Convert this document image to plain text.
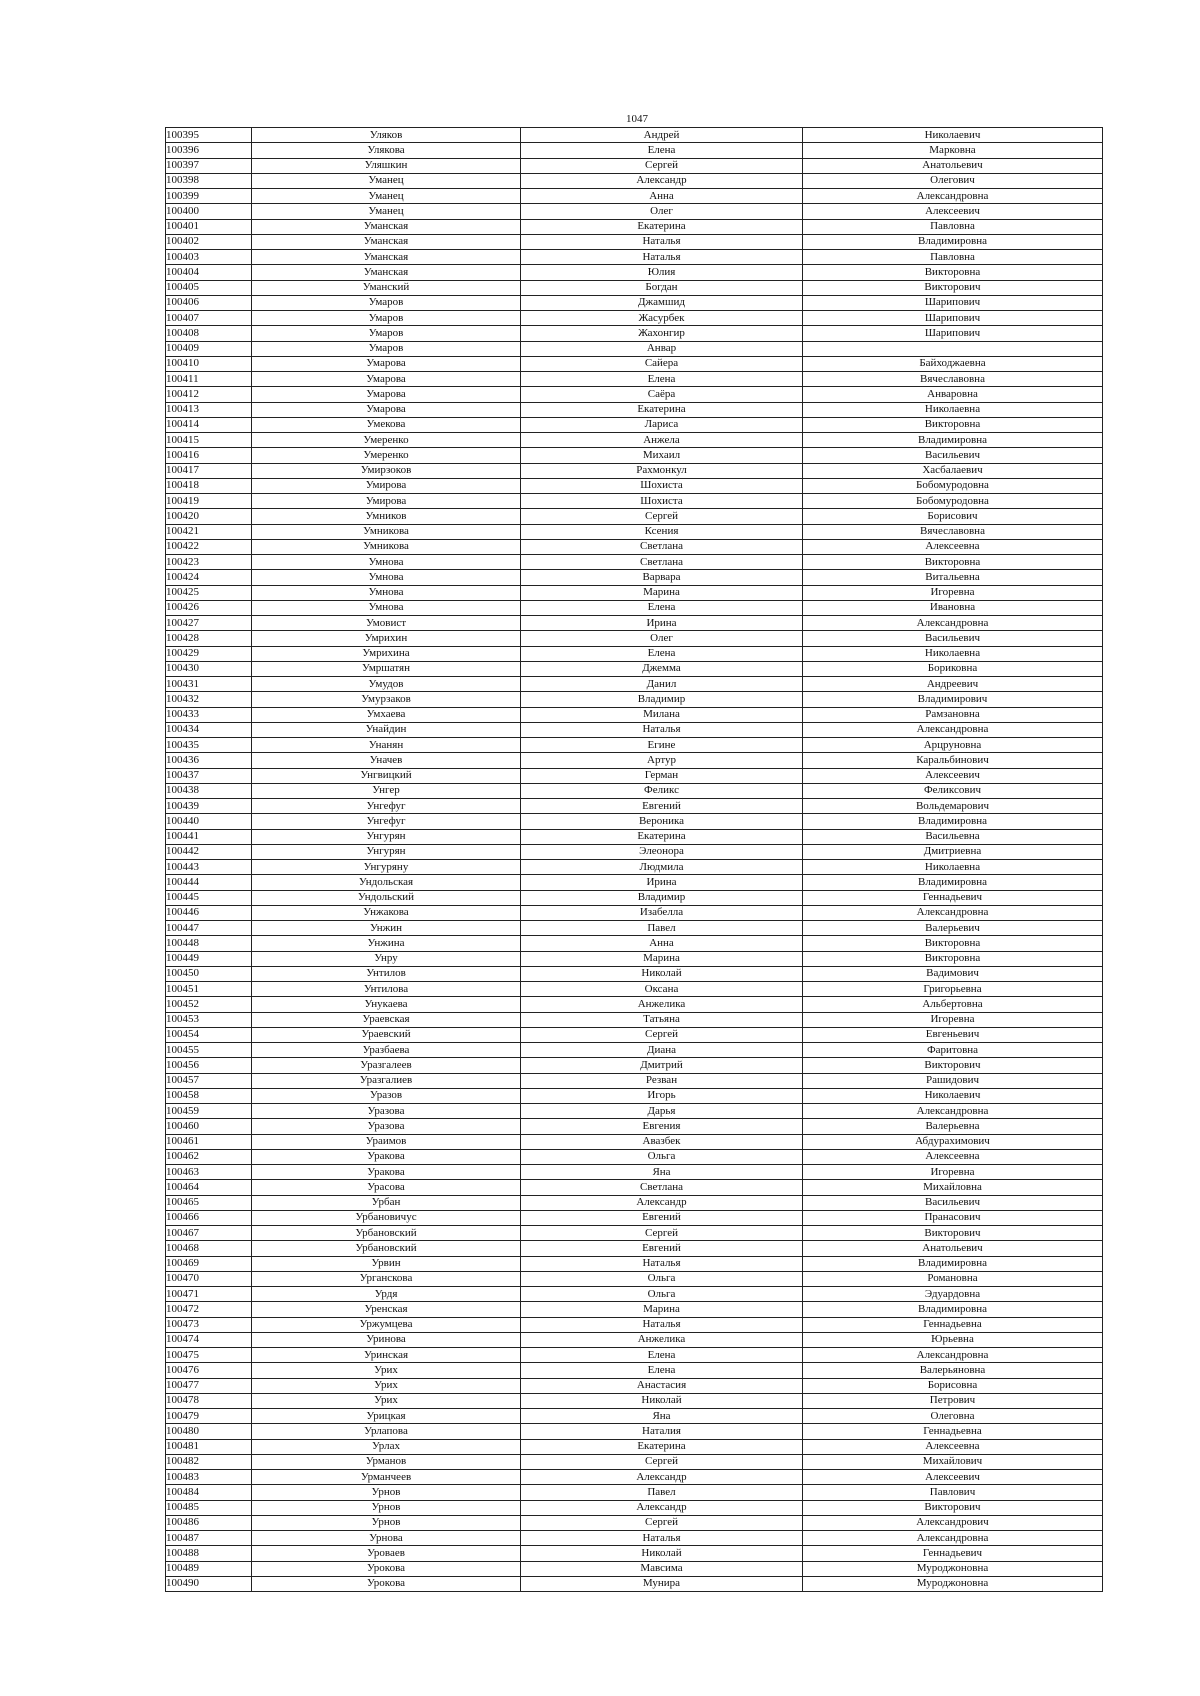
1047
100395	Уляков	Андрей	Николаевич
100396	Улякова	Елена	Марковна
100397	Уляшкин	Сергей	Анатольевич
100398	Уманец	Александр	Олегович
100399	Уманец	Анна	Александровна
100400	Уманец	Олег	Алексеевич
100401	Уманская	Екатерина	Павловна
100402	Уманская	Наталья	Владимировна
100403	Уманская	Наталья	Павловна
100404	Уманская	Юлия	Викторовна
100405	Уманский	Богдан	Викторович
100406	Умаров	Джамшид	Шарипович
100407	Умаров	Жасурбек	Шарипович
100408	Умаров	Жахонгир	Шарипович
100409	Умаров	Анвар	
100410	Умарова	Сайера	Байходжаевна
100411	Умарова	Елена	Вячеславовна
100412	Умарова	Саёра	Анваровна
100413	Умарова	Екатерина	Николаевна
100414	Умекова	Лариса	Викторовна
100415	Умеренко	Анжела	Владимировна
100416	Умеренко	Михаил	Васильевич
100417	Умирзоков	Рахмонкул	Хасбалаевич
100418	Умирова	Шохиста	Бобомуродовна
100419	Умирова	Шохиста	Бобомуродовна
100420	Умников	Сергей	Борисович
100421	Умникова	Ксения	Вячеславовна
100422	Умникова	Светлана	Алексеевна
100423	Умнова	Светлана	Викторовна
100424	Умнова	Варвара	Витальевна
100425	Умнова	Марина	Игоревна
100426	Умнова	Елена	Ивановна
100427	Умовист	Ирина	Александровна
100428	Умрихин	Олег	Васильевич
100429	Умрихина	Елена	Николаевна
100430	Умршатян	Джемма	Бориковна
100431	Умудов	Данил	Андреевич
100432	Умурзаков	Владимир	Владимирович
100433	Умхаева	Милана	Рамзановна
100434	Унайдин	Наталья	Александровна
100435	Унанян	Егине	Арцруновна
100436	Уначев	Артур	Каральбинович
100437	Унгвицкий	Герман	Алексеевич
100438	Унгер	Феликс	Феликсович
100439	Унгефуг	Евгений	Вольдемарович
100440	Унгефуг	Вероника	Владимировна
100441	Унгурян	Екатерина	Васильевна
100442	Унгурян	Элеонора	Дмитриевна
100443	Унгуряну	Людмила	Николаевна
100444	Ундольская	Ирина	Владимировна
100445	Ундольский	Владимир	Геннадьевич
100446	Унжакова	Изабелла	Александровна
100447	Унжин	Павел	Валерьевич
100448	Унжина	Анна	Викторовна
100449	Унру	Марина	Викторовна
100450	Унтилов	Николай	Вадимович
100451	Унтилова	Оксана	Григорьевна
100452	Унукаева	Анжелика	Альбертовна
100453	Ураевская	Татьяна	Игоревна
100454	Ураевский	Сергей	Евгеньевич
100455	Уразбаева	Диана	Фаритовна
100456	Уразгалеев	Дмитрий	Викторович
100457	Уразгалиев	Резван	Рашидович
100458	Уразов	Игорь	Николаевич
100459	Уразова	Дарья	Александровна
100460	Уразова	Евгения	Валерьевна
100461	Ураимов	Авазбек	Абдурахимович
100462	Уракова	Ольга	Алексеевна
100463	Уракова	Яна	Игоревна
100464	Урасова	Светлана	Михайловна
100465	Урбан	Александр	Васильевич
100466	Урбановичус	Евгений	Пранасович
100467	Урбановский	Сергей	Викторович
100468	Урбановский	Евгений	Анатольевич
100469	Урвин	Наталья	Владимировна
100470	Урганскова	Ольга	Романовна
100471	Урдя	Ольга	Эдуардовна
100472	Уренская	Марина	Владимировна
100473	Уржумцева	Наталья	Геннадьевна
100474	Уринова	Анжелика	Юрьевна
100475	Уринская	Елена	Александровна
100476	Урих	Елена	Валерьяновна
100477	Урих	Анастасия	Борисовна
100478	Урих	Николай	Петрович
100479	Урицкая	Яна	Олеговна
100480	Урлапова	Наталия	Геннадьевна
100481	Урлах	Екатерина	Алексеевна
100482	Урманов	Сергей	Михайлович
100483	Урманчеев	Александр	Алексеевич
100484	Урнов	Павел	Павлович
100485	Урнов	Александр	Викторович
100486	Урнов	Сергей	Александрович
100487	Урнова	Наталья	Александровна
100488	Уроваев	Николай	Геннадьевич
100489	Урокова	Мавсима	Муроджоновна
100490	Урокова	Мунира	Муроджоновна
